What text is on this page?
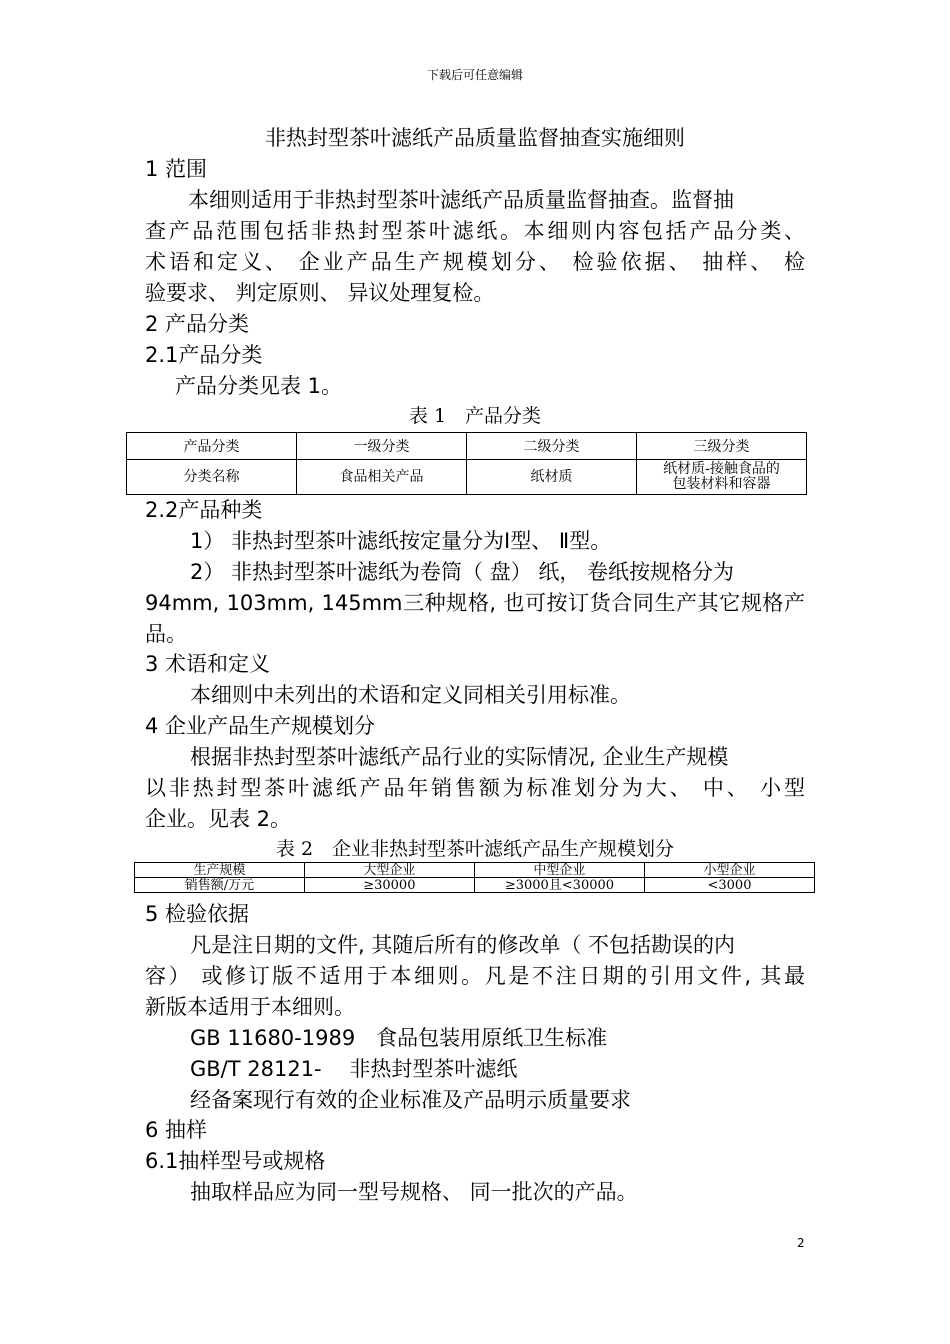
下载后可任意编辑
非热封型茶叶滤纸产品质量监督抽查实施细则
1 范围
本细则适用于非热封型茶叶滤纸产品质量监督抽查。监督抽
查产品范围包括非热封型茶叶滤纸。本细则内容包括产品分类、
术语和定义、 企业产品生产规模划分、 检验依据、 抽样、 检
验要求、 判定原则、 异议处理复检。
2 产品分类
2.1产品分类
产品分类见表 1。
表 1　产品分类
产品分类	一级分类	二级分类	三级分类
分类名称	食品相关产品	纸材质	纸材质-接触食品的
包装材料和容器
2.2产品种类
1） 非热封型茶叶滤纸按定量分为Ⅰ型、 Ⅱ型。
2） 非热封型茶叶滤纸为卷筒（ 盘） 纸， 卷纸按规格分为
94mm, 103mm, 145mm三种规格, 也可按订货合同生产其它规格产
品。
3 术语和定义
本细则中未列出的术语和定义同相关引用标准。
4 企业产品生产规模划分
根据非热封型茶叶滤纸产品行业的实际情况, 企业生产规模
以非热封型茶叶滤纸产品年销售额为标准划分为大、 中、 小型
企业。见表 2。
表 2　企业非热封型茶叶滤纸产品生产规模划分
生产规模	大型企业	中型企业	小型企业
销售额/万元	≥30000	≥3000且<30000	<3000
5 检验依据
凡是注日期的文件, 其随后所有的修改单（ 不包括勘误的内
容） 或修订版不适用于本细则。凡是不注日期的引用文件, 其最
新版本适用于本细则。
GB 11680-1989　食品包装用原纸卫生标准
GB/T 28121-　 非热封型茶叶滤纸
经备案现行有效的企业标准及产品明示质量要求
6 抽样
6.1抽样型号或规格
抽取样品应为同一型号规格、 同一批次的产品。
2
